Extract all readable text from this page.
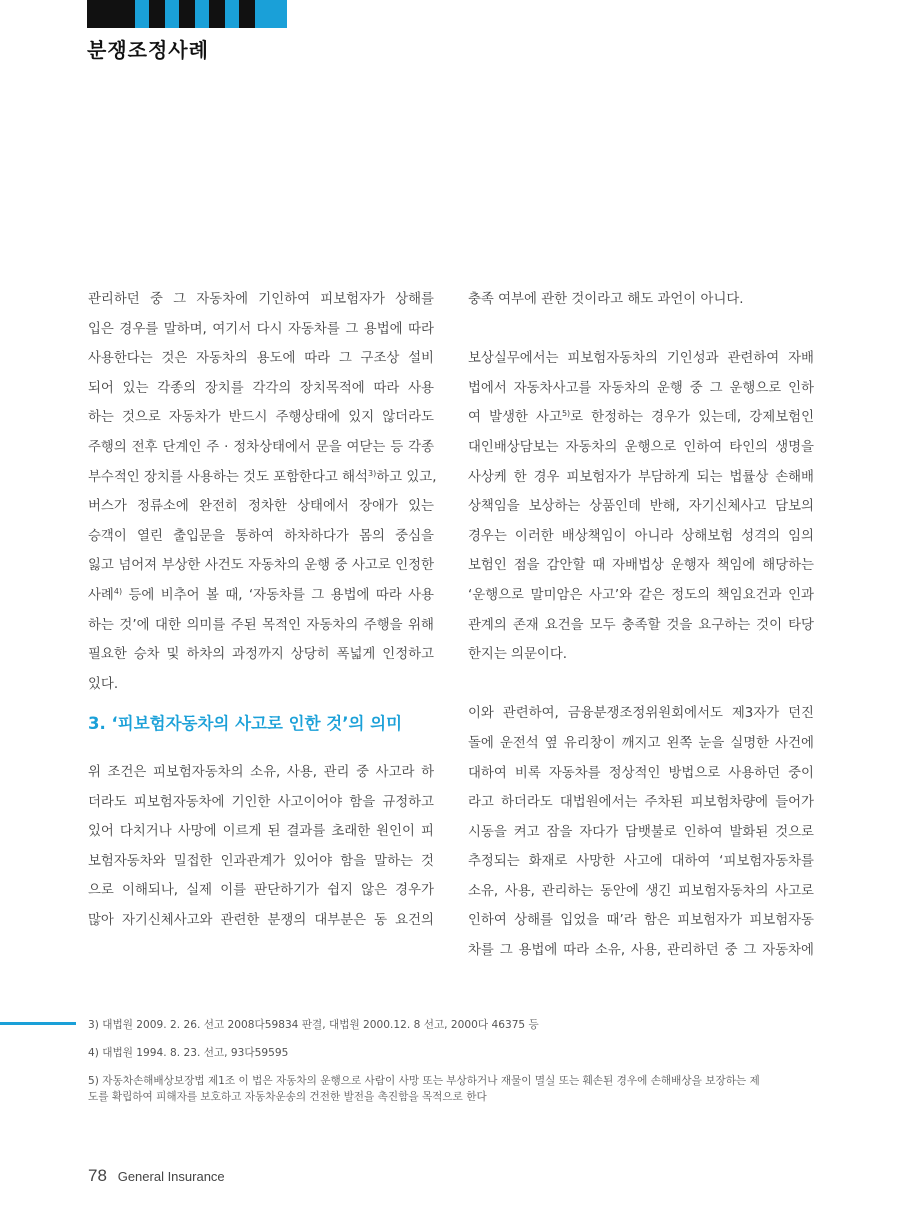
분쟁조정사례
관리하던 중 그 자동차에 기인하여 피보험자가 상해를
입은 경우를 말하며, 여기서 다시 자동차를 그 용법에 따라
사용한다는 것은 자동차의 용도에 따라 그 구조상 설비
되어 있는 각종의 장치를 각각의 장치목적에 따라 사용
하는 것으로 자동차가 반드시 주행상태에 있지 않더라도
주행의 전후 단계인 주 · 정차상태에서 문을 여닫는 등 각종
부수적인 장치를 사용하는 것도 포함한다고 해석$^{3)}$하고 있고,
버스가 정류소에 완전히 정차한 상태에서 장애가 있는
승객이 열린 출입문을 통하여 하차하다가 몸의 중심을
잃고 넘어져 부상한 사건도 자동차의 운행 중 사고로 인정한
사례$^{4)}$ 등에 비추어 볼 때, ‘자동차를 그 용법에 따라 사용
하는 것’에 대한 의미를 주된 목적인 자동차의 주행을 위해
필요한 승차 및 하차의 과정까지 상당히 폭넓게 인정하고
있다.
3. ‘피보험자동차의 사고로 인한 것’의 의미
위 조건은 피보험자동차의 소유, 사용, 관리 중 사고라 하
더라도 피보험자동차에 기인한 사고이어야 함을 규정하고
있어 다치거나 사망에 이르게 된 결과를 초래한 원인이 피
보험자동차와 밀접한 인과관계가 있어야 함을 말하는 것
으로 이해되나, 실제 이를 판단하기가 쉽지 않은 경우가
많아 자기신체사고와 관련한 분쟁의 대부분은 동 요건의
충족 여부에 관한 것이라고 해도 과언이 아니다.
보상실무에서는 피보험자동차의 기인성과 관련하여 자배
법에서 자동차사고를 자동차의 운행 중 그 운행으로 인하
여 발생한 사고$^{5)}$로 한정하는 경우가 있는데, 강제보험인
대인배상담보는 자동차의 운행으로 인하여 타인의 생명을
사상케 한 경우 피보험자가 부담하게 되는 법률상 손해배
상책임을 보상하는 상품인데 반해, 자기신체사고 담보의
경우는 이러한 배상책임이 아니라 상해보험 성격의 임의
보험인 점을 감안할 때 자배법상 운행자 책임에 해당하는
‘운행으로 말미암은 사고’와 같은 정도의 책임요건과 인과
관계의 존재 요건을 모두 충족할 것을 요구하는 것이 타당
한지는 의문이다.
이와 관련하여, 금융분쟁조정위원회에서도 제3자가 던진
돌에 운전석 옆 유리창이 깨지고 왼쪽 눈을 실명한 사건에
대하여 비록 자동차를 정상적인 방법으로 사용하던 중이
라고 하더라도 대법원에서는 주차된 피보험차량에 들어가
시동을 켜고 잠을 자다가 담뱃불로 인하여 발화된 것으로
추정되는 화재로 사망한 사고에 대하여 ‘피보험자동차를
소유, 사용, 관리하는 동안에 생긴 피보험자동차의 사고로
인하여 상해를 입었을 때’라 함은 피보험자가 피보험자동
차를 그 용법에 따라 소유, 사용, 관리하던 중 그 자동차에
3) 대법원 2009. 2. 26. 선고 2008다59834 판결, 대법원 2000.12. 8 선고, 2000다 46375 등
4) 대법원 1994. 8. 23. 선고, 93다59595
5) 자동차손해배상보장법 제1조 이 법은 자동차의 운행으로 사람이 사망 또는 부상하거나 재물이 멸실 또는 훼손된 경우에 손해배상을 보장하는 제
도를 확립하여 피해자를 보호하고 자동차운송의 건전한 발전을 촉진함을 목적으로 한다
78 General Insurance
